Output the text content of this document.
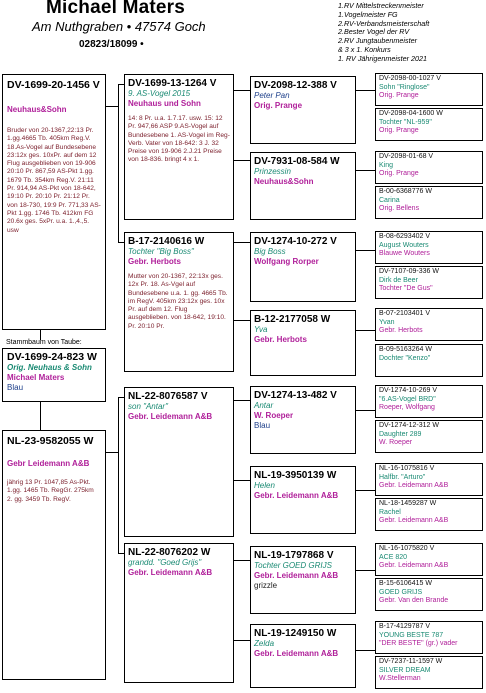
Michael Maters
Am Nuthgraben • 47574 Goch
02823/18099 •
1.RV Mittelstreckenmeister
1.Vogelmeister FG
2.RV-Verbandsmeisterschaft
2.Bester Vogel der RV
2.RV Jungtaubenmeister
& 3 x 1. Konkurs
1. RV Jährigenmeister 2021
DV-1699-20-1456 V
Neuhaus&Sohn
Bruder von 20-1367,22:13 Pr. 1.gg.4665 Tb. 405km Reg.V. 18.As-Vogel auf Bundesebene 23:12x ges. 10xPr. auf dem 12 Flug ausgeblieben von 19-906 20:10 Pr. 867,59 AS-Pkt 1.gg. 1679 Tb. 354km Reg.V. 21:11 Pr. 914,94 AS-Pkt von 18-642, 19:10 Pr. 20:10 Pr. 21:12 Pr. von 18-730, 19:9 Pr. 771,33 AS-Pkt 1.gg. 1746 Tb. 412km FG 20.6x ges. 5xPr. u.a. 1.,4.,5. usw
Stammbaum von Taube:
DV-1699-24-823 W
Orig. Neuhaus & Sohn
Michael Maters
Blau
NL-23-9582055 W
Gebr Leidemann A&B
jährig 13 Pr. 1047,85 As-Pkt. 1.gg. 1465 Tb. RegGr. 275km 2. gg. 3459 Tb. RegV.
DV-1699-13-1264 V
9. AS-Vogel 2015
Neuhaus und Sohn
14: 8 Pr. u.a. 1.7.17. usw. 15: 12 Pr. 947,66 ASP 9.AS-Vogel auf Bundesebene 1. AS-Vogel im Reg-Verb. Vater von 18-642: 3 J. 32 Preise von 19-906 2.J.21 Preise von 18-836. bringt 4 x 1.
B-17-2140616 W
Tochter "Big Boss"
Gebr. Herbots
Mutter von 20-1367, 22:13x ges. 12x Pr. 18. As-Vgel auf Bundesebene u.a. 1. gg. 4665 Tb. im RegV. 405km 23:12x ges. 10x Pr. auf dem 12. Flug ausgeblieben. von 18-642, 19:10. Pr. 20:10 Pr.
NL-22-8076587 V
son "Antar"
Gebr. Leidemann A&B
NL-22-8076202 W
grandd. "Goed Grijs"
Gebr. Leidemann A&B
DV-2098-12-388 V
Peter Pan
Orig. Prange
DV-7931-08-584 W
Prinzessin
Neuhaus&Sohn
DV-1274-10-272 V
Big Boss
Wolfgang Rorper
B-12-2177058 W
Yva
Gebr. Herbots
DV-1274-13-482 V
Antar
W. Roeper
Blau
NL-19-3950139 W
Helen
Gebr. Leidemann A&B
NL-19-1797868 V
Tochter GOED GRIJS
Gebr. Leidemann A&B
grizzle
NL-19-1249150 W
Zelda
Gebr. Leidemann A&B
DV-2098-00-1027 V
Sohn "Ringlose"
Orig. Prange
DV-2098-04-1600 W
Tochter "NL-959"
Orig. Prange
DV-2098-01-68 V
King
Orig. Prange
B-00-6368776 W
Carina
Orig. Bellens
B-08-6293402 V
August Wouters
Blauwe Wouters
DV-7107-09-336 W
Dirk de Beer
Tochter "De Gus"
B-07-2103401 V
Yvan
Gebr. Herbots
B-09-5163264 W
Dochter "Kenzo"
DV-1274-10-269 V
"6.AS-Vogel BRD"
Roeper, Wolfgang
DV-1274-12-312 W
Daughter 289
W. Roeper
NL-16-1075816 V
Halfbr. "Arturo"
Gebr. Leidemann A&B
NL-18-1459287 W
Rachel
Gebr. Leidemann A&B
NL-16-1075820 V
ACE 820
Gebr. Leidemann A&B
B-15-6106415 W
GOED GRIJS
Gebr. Van den Brande
B-17-4129787 V
YOUNG BESTE 787
"DER BESTE" (gr.) vader
DV-7237-11-1597 W
SILVER DREAM
W.Stellerman
